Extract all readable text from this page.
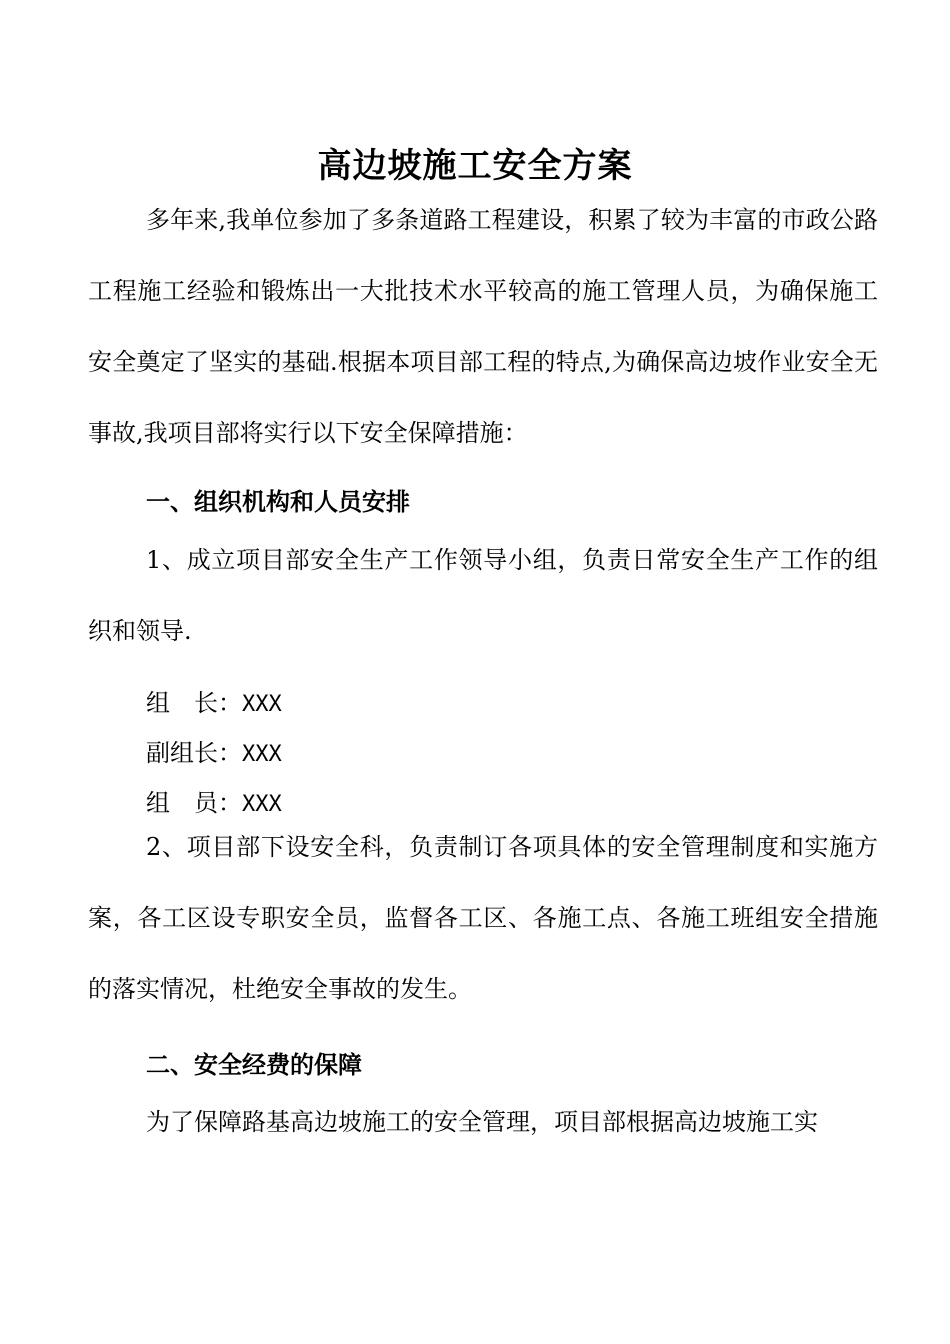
高边坡施工安全方案

多年来,我单位参加了多条道路工程建设，积累了较为丰富的市政公路工程施工经验和锻炼出一大批技术水平较高的施工管理人员，为确保施工安全奠定了坚实的基础.根据本项目部工程的特点,为确保高边坡作业安全无事故,我项目部将实行以下安全保障措施：

一、组织机构和人员安排

1、成立项目部安全生产工作领导小组，负责日常安全生产工作的组织和领导.

组　长：XXX
副组长：XXX
组　员：XXX

2、项目部下设安全科，负责制订各项具体的安全管理制度和实施方案，各工区设专职安全员，监督各工区、各施工点、各施工班组安全措施的落实情况，杜绝安全事故的发生。

二、安全经费的保障

为了保障路基高边坡施工的安全管理，项目部根据高边坡施工实
